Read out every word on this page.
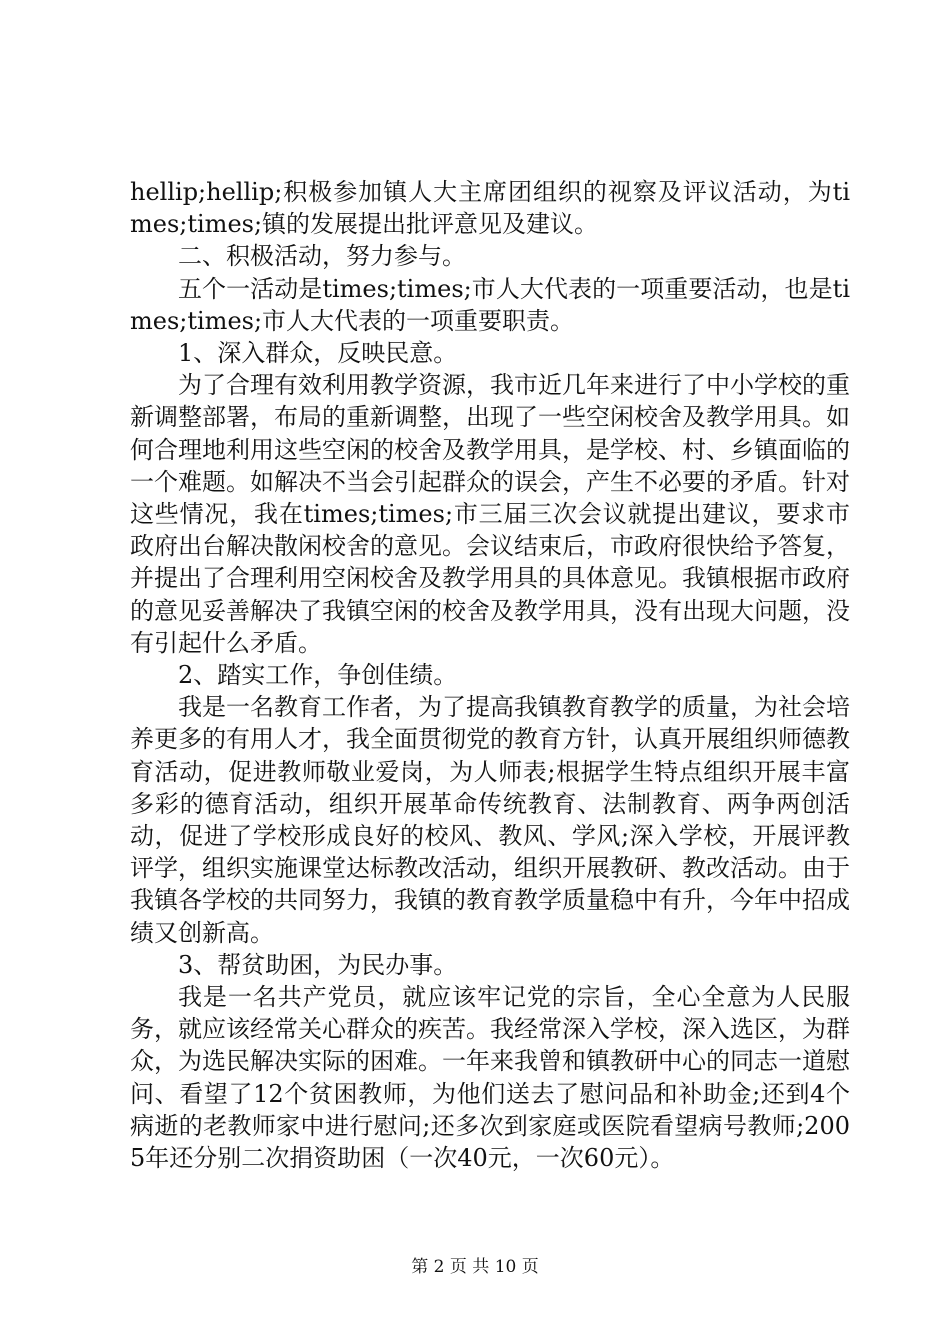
hellip;hellip;积极参加镇人大主席团组织的视察及评议活动，为times;times;镇的发展提出批评意见及建议。

二、积极活动，努力参与。

五个一活动是times;times;市人大代表的一项重要活动，也是times;times;市人大代表的一项重要职责。

1、深入群众，反映民意。

为了合理有效利用教学资源，我市近几年来进行了中小学校的重新调整部署，布局的重新调整，出现了一些空闲校舍及教学用具。如何合理地利用这些空闲的校舍及教学用具，是学校、村、乡镇面临的一个难题。如解决不当会引起群众的误会，产生不必要的矛盾。针对这些情况，我在times;times;市三届三次会议就提出建议，要求市政府出台解决散闲校舍的意见。会议结束后，市政府很快给予答复，并提出了合理利用空闲校舍及教学用具的具体意见。我镇根据市政府的意见妥善解决了我镇空闲的校舍及教学用具，没有出现大问题，没有引起什么矛盾。

2、踏实工作，争创佳绩。

我是一名教育工作者，为了提高我镇教育教学的质量，为社会培养更多的有用人才，我全面贯彻党的教育方针，认真开展组织师德教育活动，促进教师敬业爱岗，为人师表;根据学生特点组织开展丰富多彩的德育活动，组织开展革命传统教育、法制教育、两争两创活动，促进了学校形成良好的校风、教风、学风;深入学校，开展评教评学，组织实施课堂达标教改活动，组织开展教研、教改活动。由于我镇各学校的共同努力，我镇的教育教学质量稳中有升，今年中招成绩又创新高。

3、帮贫助困，为民办事。

我是一名共产党员，就应该牢记党的宗旨，全心全意为人民服务，就应该经常关心群众的疾苦。我经常深入学校，深入选区，为群众，为选民解决实际的困难。一年来我曾和镇教研中心的同志一道慰问、看望了12个贫困教师，为他们送去了慰问品和补助金;还到4个病逝的老教师家中进行慰问;还多次到家庭或医院看望病号教师;2005年还分别二次捐资助困（一次40元，一次60元）。

第 2 页 共 10 页
